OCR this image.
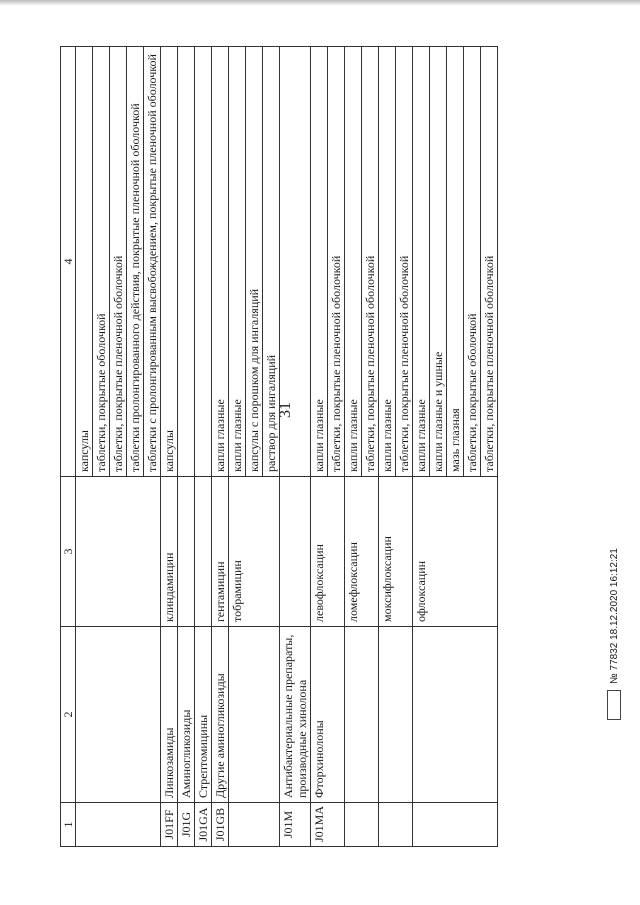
31
1	2	3	4
			капсулы
			таблетки, покрытые оболочкой
			таблетки, покрытые пленочной оболочкой
			таблетки пролонгированного действия, покрытые пленочной оболочкой
			таблетки с пролонгированным высвобождением, покрытые пленочной оболочкой
J01FF	Линкозамиды	клиндамицин	капсулы
J01G	Аминогликозиды		
J01GA	Стрептомицины		
J01GB	Другие аминогликозиды	гентамицин	капли глазные
		тобрамицин	капли глазные
			капсулы с порошком для ингаляций
			раствор для ингаляций
J01M	Антибактериальные препараты, производные хинолона		
J01MA	Фторхинолоны	левофлоксацин	капли глазные
			таблетки, покрытые пленочной оболочкой
		ломефлоксацин	капли глазные
			таблетки, покрытые пленочной оболочкой
		моксифлоксацин	капли глазные
			таблетки, покрытые пленочной оболочкой
		офлоксацин	капли глазные
			капли глазные и ушные
			мазь глазная
			таблетки, покрытые оболочкой
			таблетки, покрытые пленочной оболочкой
№ 77832 18.12.2020 16:12:21
